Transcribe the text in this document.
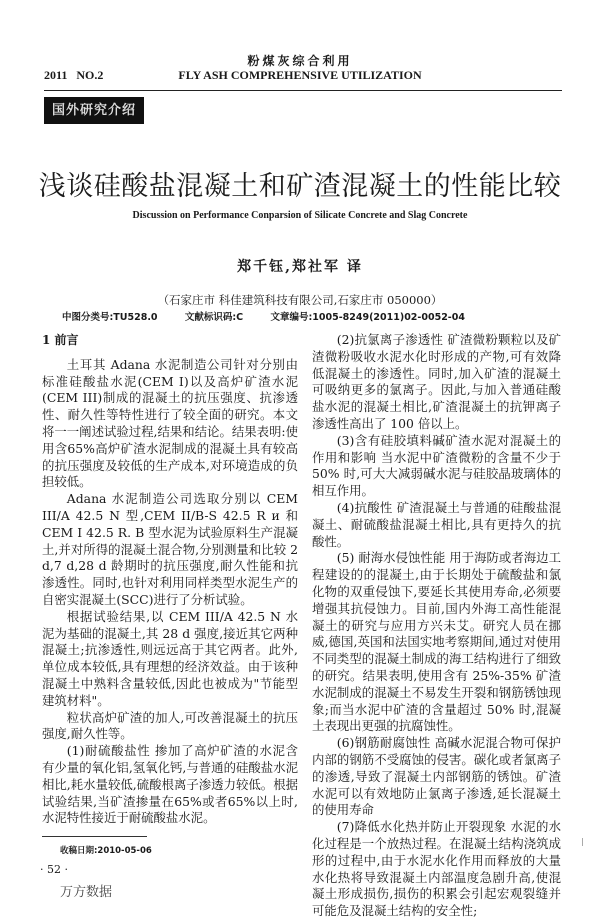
粉煤灰综合利用
2011 NO.2	FLY ASH COMPREHENSIVE UTILIZATION
国外研究介绍
浅谈硅酸盐混凝土和矿渣混凝土的性能比较
Discussion on Performance Conparsion of Silicate Concrete and Slag Concrete
郑千钰,郑社军 译
（石家庄市 科佳建筑科技有限公司,石家庄市 050000）
中图分类号:TU528.0	文献标识码:C	文章编号:1005-8249(2011)02-0052-04

1 前言

土耳其 Adana 水泥制造公司针对分别由标准硅酸盐水泥(CEM I)以及高炉矿渣水泥(CEM III)制成的混凝土的抗压强度、抗渗透性、耐久性等特性进行了较全面的研究。本文将一一阐述试验过程,结果和结论。结果表明:使用含65%高炉矿渣水泥制成的混凝土具有较高的抗压强度及较低的生产成本,对环境造成的负担较低。

Adana 水泥制造公司选取分别以 CEM III/A 42.5 N 型,CEM II/B-S 42.5 R и 和 CEM I 42.5 R. B 型水泥为试验原料生产混凝土,并对所得的混凝土混合物,分别测量和比较 2 d,7 d,28 d 龄期时的抗压强度,耐久性能和抗渗透性。同时,也针对利用同样类型水泥生产的自密实混凝土(SCC)进行了分析试验。

根据试验结果,以 CEM III/A 42.5 N 水泥为基础的混凝土,其 28 d 强度,接近其它两种混凝土;抗渗透性,则远远高于其它两者。此外,单位成本较低,具有理想的经济效益。由于该种混凝土中熟料含量较低,因此也被成为"节能型建筑材料"。

粒状高炉矿渣的加人,可改善混凝土的抗压强度,耐久性等。

(1)耐硫酸盐性 掺加了高炉矿渣的水泥含有少量的氧化铝,氢氧化钙,与普通的硅酸盐水泥相比,耗水量较低,硫酸根离子渗透力较低。根据试验结果,当矿渣掺量在65%或者65%以上时,水泥特性接近于耐硫酸盐水泥。

收稿日期:2010-05-06
· 52 ·
万方数据

(2)抗氯离子渗透性 矿渣微粉颗粒以及矿渣微粉吸收水泥水化时形成的产物,可有效降低混凝土的渗透性。同时,加入矿渣的混凝土可吸纳更多的氯离子。因此,与加入普通硅酸盐水泥的混凝土相比,矿渣混凝土的抗钾离子渗透性高出了 100 倍以上。

(3)含有硅胶填料碱矿渣水泥对混凝土的作用和影响 当水泥中矿渣微粉的含量不少于 50% 时,可大大减弱碱水泥与硅胶晶玻璃体的相互作用。

(4)抗酸性 矿渣混凝土与普通的硅酸盐混凝土、耐硫酸盐混凝土相比,具有更持久的抗酸性。

(5) 耐海水侵蚀性能 用于海防或者海边工程建设的的混凝土,由于长期处于硫酸盐和氯化物的双重侵蚀下,要延长其使用寿命,必须要增强其抗侵蚀力。目前,国内外海工高性能混凝土的研究与应用方兴未艾。研究人员在挪威,德国,英国和法国实地考察期间,通过对使用不同类型的混凝土制成的海工结构进行了细致的研究。结果表明,使用含有 25%-35% 矿渣水泥制成的混凝土不易发生开裂和钢筋锈蚀现象;而当水泥中矿渣的含量超过 50% 时,混凝土表现出更强的抗腐蚀性。

(6)钢筋耐腐蚀性 高碱水泥混合物可保护内部的钢筋不受腐蚀的侵害。碳化或者氯离子的渗透,导致了混凝土内部钢筋的锈蚀。矿渣水泥可以有效地防止氯离子渗透,延长混凝土的使用寿命

(7)降低水化热并防止开裂现象 水泥的水化过程是一个放热过程。在混凝土结构浇筑成形的过程中,由于水泥水化作用而释放的大量水化热将导致混凝土内部温度急剧升高,使混凝土形成损伤,损伤的积累会引起宏观裂缝并可能危及混凝土结构的安全性;
